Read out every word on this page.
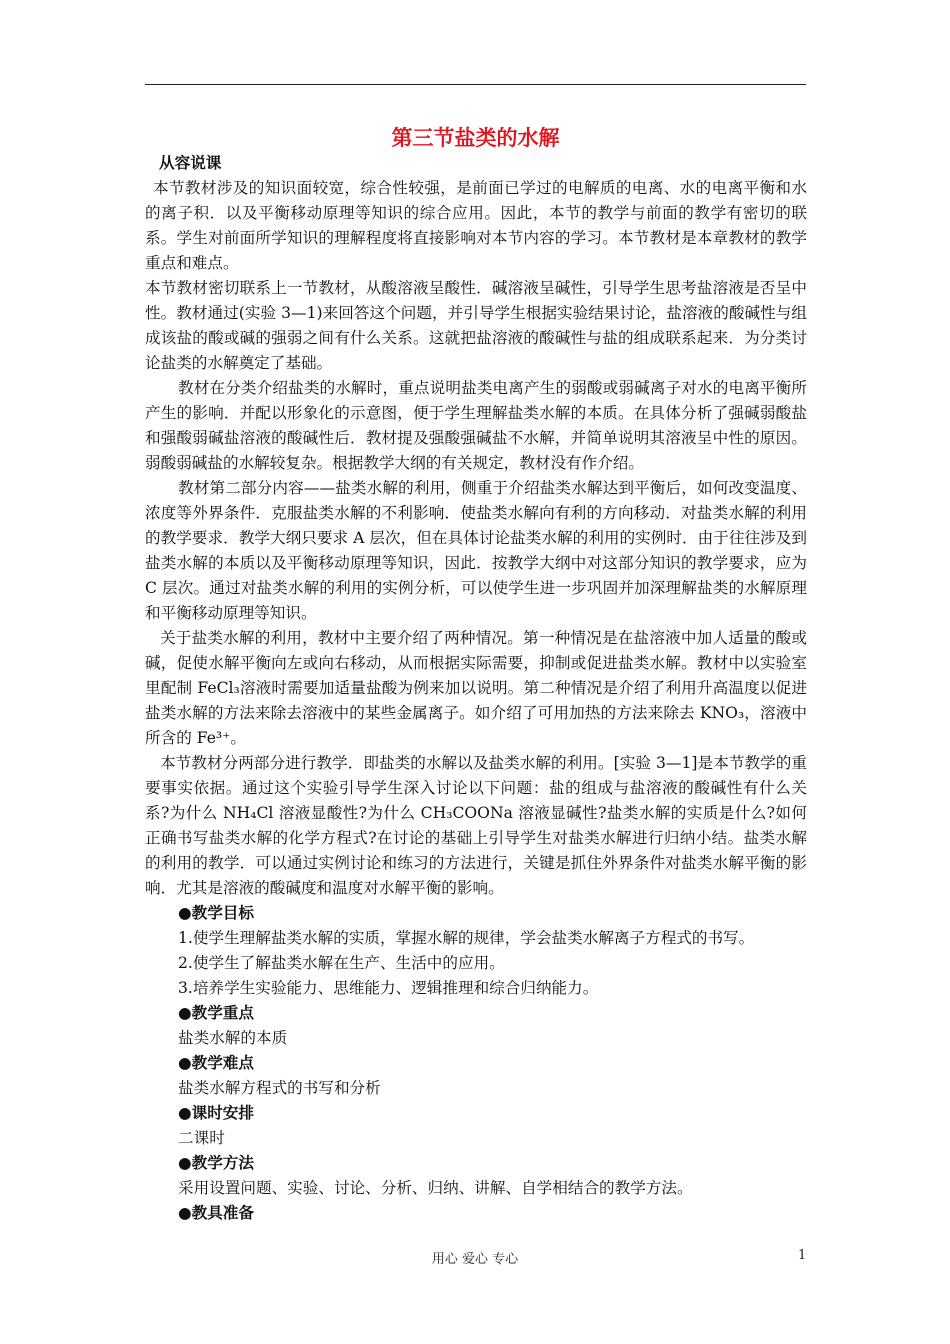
第三节盐类的水解
从容说课

本节教材涉及的知识面较宽，综合性较强，是前面已学过的电解质的电离、水的电离平衡和水的离子积．以及平衡移动原理等知识的综合应用。因此，本节的教学与前面的教学有密切的联系。学生对前面所学知识的理解程度将直接影响对本节内容的学习。本节教材是本章教材的教学重点和难点。

本节教材密切联系上一节教材，从酸溶液呈酸性．碱溶液呈碱性，引导学生思考盐溶液是否呈中性。教材通过(实验 3—1)来回答这个问题，并引导学生根据实验结果讨论，盐溶液的酸碱性与组成该盐的酸或碱的强弱之间有什么关系。这就把盐溶液的酸碱性与盐的组成联系起来．为分类讨论盐类的水解奠定了基础。

教材在分类介绍盐类的水解时，重点说明盐类电离产生的弱酸或弱碱离子对水的电离平衡所产生的影响．并配以形象化的示意图，便于学生理解盐类水解的本质。在具体分析了强碱弱酸盐和强酸弱碱盐溶液的酸碱性后．教材提及强酸强碱盐不水解，并简单说明其溶液呈中性的原因。弱酸弱碱盐的水解较复杂。根据教学大纲的有关规定，教材没有作介绍。

教材第二部分内容——盐类水解的利用，侧重于介绍盐类水解达到平衡后，如何改变温度、浓度等外界条件．克服盐类水解的不利影响．使盐类水解向有利的方向移动．对盐类水解的利用的教学要求．教学大纲只要求 A 层次，但在具体讨论盐类水解的利用的实例时．由于往往涉及到盐类水解的本质以及平衡移动原理等知识，因此．按教学大纲中对这部分知识的教学要求，应为 C 层次。通过对盐类水解的利用的实例分析，可以使学生进一步巩固并加深理解盐类的水解原理和平衡移动原理等知识。

关于盐类水解的利用，教材中主要介绍了两种情况。第一种情况是在盐溶液中加人适量的酸或碱，促使水解平衡向左或向右移动，从而根据实际需要，抑制或促进盐类水解。教材中以实验室里配制 FeCl₃溶液时需要加适量盐酸为例来加以说明。第二种情况是介绍了利用升高温度以促进盐类水解的方法来除去溶液中的某些金属离子。如介绍了可用加热的方法来除去 KNO₃，溶液中所含的 Fe³⁺。

本节教材分两部分进行教学．即盐类的水解以及盐类水解的利用。[实验 3—1]是本节教学的重要事实依据。通过这个实验引导学生深入讨论以下问题：盐的组成与盐溶液的酸碱性有什么关系?为什么 NH₄Cl 溶液显酸性?为什么 CH₃COONa 溶液显碱性?盐类水解的实质是什么?如何正确书写盐类水解的化学方程式?在讨论的基础上引导学生对盐类水解进行归纳小结。盐类水解的利用的教学．可以通过实例讨论和练习的方法进行，关键是抓住外界条件对盐类水解平衡的影响．尤其是溶液的酸碱度和温度对水解平衡的影响。

●教学目标
1.使学生理解盐类水解的实质，掌握水解的规律，学会盐类水解离子方程式的书写。
2.使学生了解盐类水解在生产、生活中的应用。
3.培养学生实验能力、思维能力、逻辑推理和综合归纳能力。
●教学重点
盐类水解的本质
●教学难点
盐类水解方程式的书写和分析
●课时安排
二课时
●教学方法
采用设置问题、实验、讨论、分析、归纳、讲解、自学相结合的教学方法。
●教具准备
用心 爱心 专心	1
